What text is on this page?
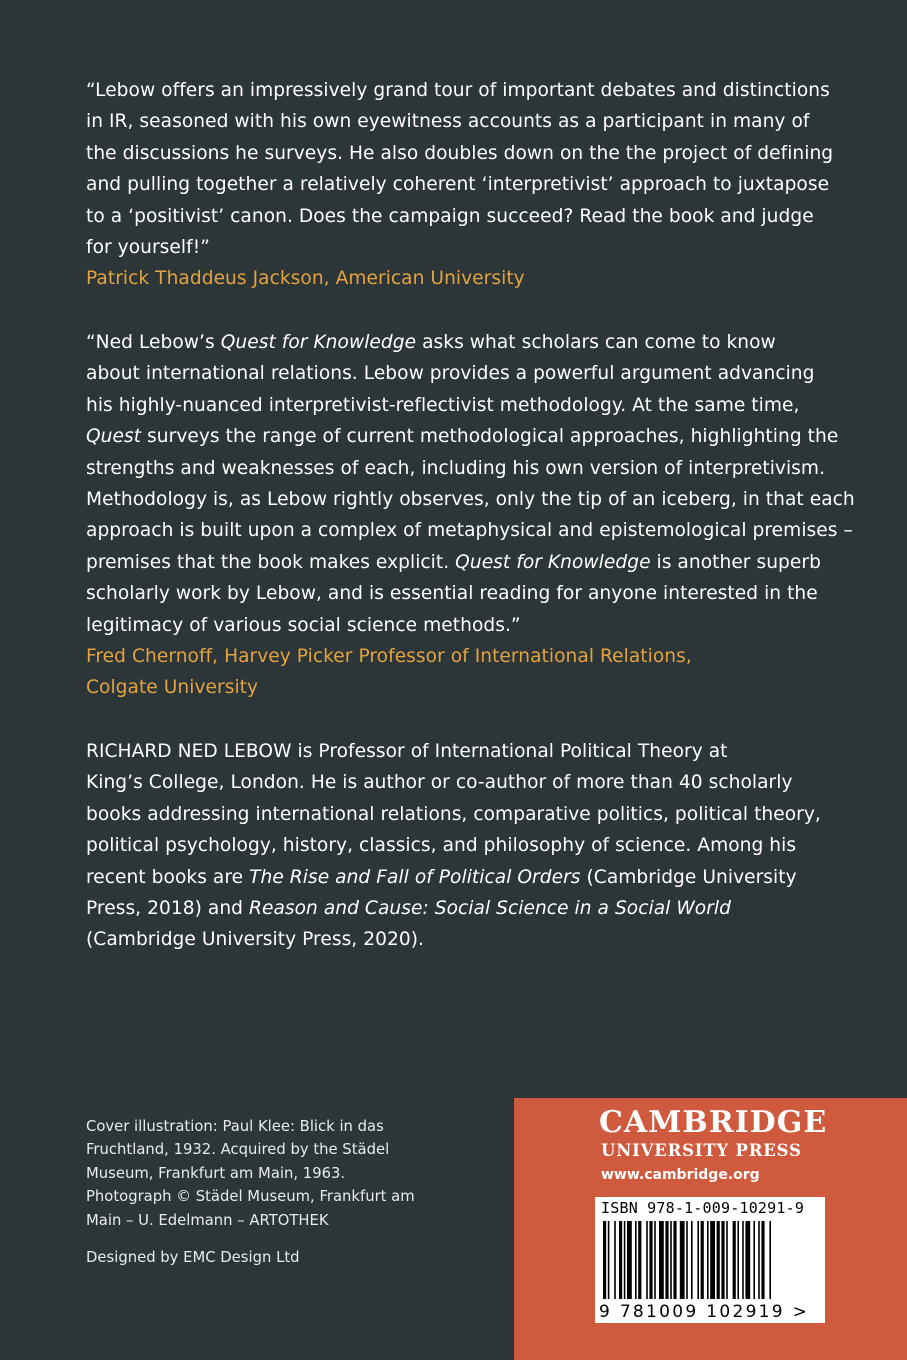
“Lebow offers an impressively grand tour of important debates and distinctions
in IR, seasoned with his own eyewitness accounts as a participant in many of
the discussions he surveys. He also doubles down on the the project of defining
and pulling together a relatively coherent ‘interpretivist’ approach to juxtapose
to a ‘positivist’ canon. Does the campaign succeed? Read the book and judge
for yourself!”
Patrick Thaddeus Jackson, American University
“Ned Lebow’s Quest for Knowledge asks what scholars can come to know
about international relations. Lebow provides a powerful argument advancing
his highly-nuanced interpretivist-reflectivist methodology. At the same time,
Quest surveys the range of current methodological approaches, highlighting the
strengths and weaknesses of each, including his own version of interpretivism.
Methodology is, as Lebow rightly observes, only the tip of an iceberg, in that each
approach is built upon a complex of metaphysical and epistemological premises –
premises that the book makes explicit. Quest for Knowledge is another superb
scholarly work by Lebow, and is essential reading for anyone interested in the
legitimacy of various social science methods.”
Fred Chernoff, Harvey Picker Professor of International Relations,
Colgate University
RICHARD NED LEBOW is Professor of International Political Theory at
King’s College, London. He is author or co-author of more than 40 scholarly
books addressing international relations, comparative politics, political theory,
political psychology, history, classics, and philosophy of science. Among his
recent books are The Rise and Fall of Political Orders (Cambridge University
Press, 2018) and Reason and Cause: Social Science in a Social World
(Cambridge University Press, 2020).
Cover illustration: Paul Klee: Blick in das
Fruchtland, 1932. Acquired by the Städel
Museum, Frankfurt am Main, 1963.
Photograph © Städel Museum, Frankfurt am
Main – U. Edelmann – ARTOTHEK
Designed by EMC Design Ltd
CAMBRIDGE
UNIVERSITY PRESS
www.cambridge.org
ISBN 978-1-009-10291-9
9 781009 102919 >
